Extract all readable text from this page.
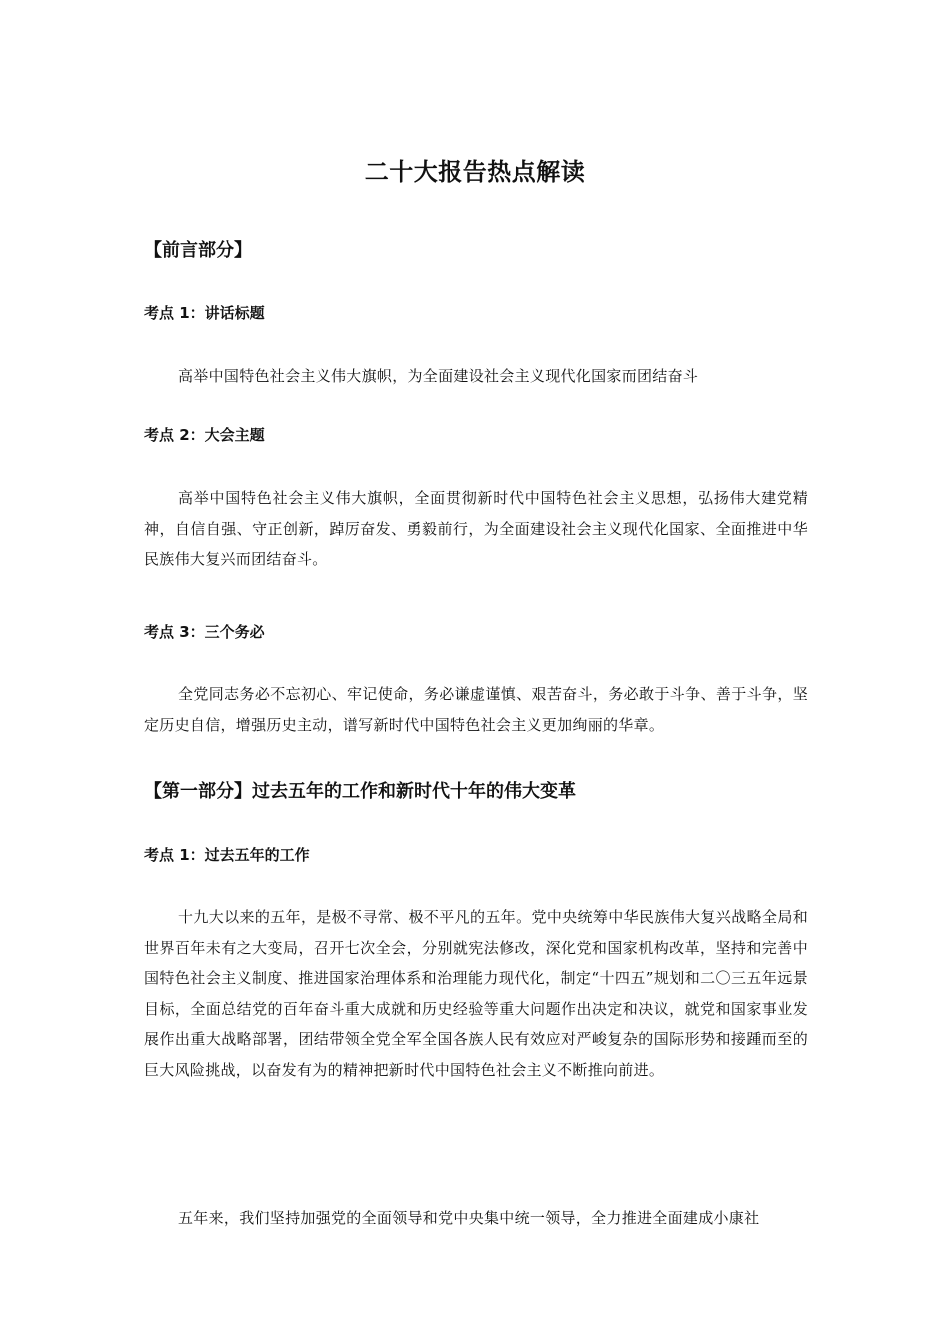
二十大报告热点解读
【前言部分】
考点 1：讲话标题
高举中国特色社会主义伟大旗帜，为全面建设社会主义现代化国家而团结奋斗
考点 2：大会主题
高举中国特色社会主义伟大旗帜，全面贯彻新时代中国特色社会主义思想，弘扬伟大建党精神，自信自强、守正创新，踔厉奋发、勇毅前行，为全面建设社会主义现代化国家、全面推进中华民族伟大复兴而团结奋斗。
考点 3：三个务必
全党同志务必不忘初心、牢记使命，务必谦虚谨慎、艰苦奋斗，务必敢于斗争、善于斗争，坚定历史自信，增强历史主动，谱写新时代中国特色社会主义更加绚丽的华章。
【第一部分】过去五年的工作和新时代十年的伟大变革
考点 1：过去五年的工作
十九大以来的五年，是极不寻常、极不平凡的五年。党中央统筹中华民族伟大复兴战略全局和世界百年未有之大变局，召开七次全会，分别就宪法修改，深化党和国家机构改革，坚持和完善中国特色社会主义制度、推进国家治理体系和治理能力现代化，制定“十四五”规划和二〇三五年远景目标，全面总结党的百年奋斗重大成就和历史经验等重大问题作出决定和决议，就党和国家事业发展作出重大战略部署，团结带领全党全军全国各族人民有效应对严峻复杂的国际形势和接踵而至的巨大风险挑战，以奋发有为的精神把新时代中国特色社会主义不断推向前进。
五年来，我们坚持加强党的全面领导和党中央集中统一领导，全力推进全面建成小康社
